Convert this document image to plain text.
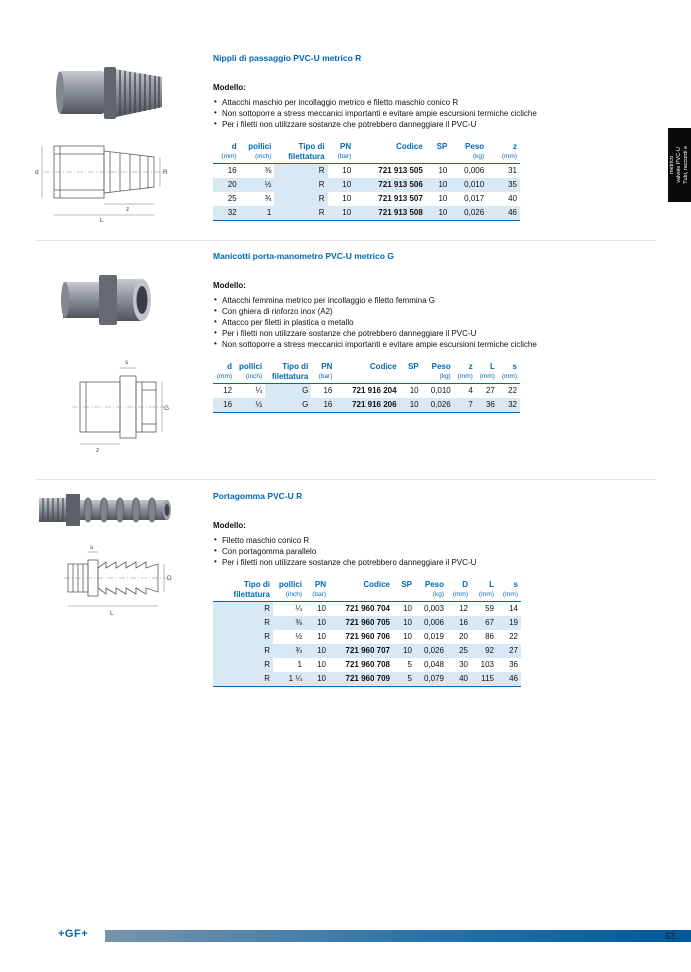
d
z
L
R
Nippli di passaggio PVC-U metrico R

Modello:

• Attacchi maschio per incollaggio metrico e filetto maschio conico R
• Non sottoporre a stress meccanici importanti e evitare ampie escursioni termiche cicliche
• Per i filetti non utilizzare sostanze che potrebbero danneggiare il PVC-U
d	pollici	Tipo di	PN	Codice	SP	Peso	z
(mm)	(inch)	filettatura	(bar)			(kg)	(mm)
16	⅜	R	10	721 913 505	10	0,006	31
20	½	R	10	721 913 506	10	0,010	35
25	¾	R	10	721 913 507	10	0,017	40
32	1	R	10	721 913 508	10	0,026	46
s
G
z
Manicotti porta-manometro PVC-U metrico G

Modello:

• Attacchi femmina metrico per incollaggio e filetto femmina G
• Con ghiera di rinforzo inox (A2)
• Attacco per filetti in plastica o metallo
• Per i filetti non utilizzare sostanze che potrebbero danneggiare il PVC-U
• Non sottoporre a stress meccanici importanti e evitare ampie escursioni termiche cicliche
d	pollici	Tipo di	PN	Codice	SP	Peso	z	L	s
(mm)	(inch)	filettatura	(bar)			(kg)	(mm)	(mm)	(mm)
12	¼	G	16	721 916 204	10	0,010	4	27	22
16	½	G	16	721 916 206	10	0,026	7	36	32
s
L
D
Portagomma PVC-U R

Modello:

• Filetto maschio conico R
• Con portagomma parallelo
• Per i filetti non utilizzare sostanze che potrebbero danneggiare il PVC-U
Tipo di	pollici	PN	Codice	SP	Peso	D	L	s
filettatura	(inch)	(bar)			(kg)	(mm)	(mm)	(mm)
R	¼	10	721 960 704	10	0,003	12	59	14
R	⅜	10	721 960 705	10	0,006	16	67	19
R	½	10	721 960 706	10	0,019	20	86	22
R	¾	10	721 960 707	10	0,026	25	92	27
R	1	10	721 960 708	5	0,048	30	103	36
R	1 ¼	10	721 960 709	5	0,079	40	115	46
Tubi, raccordi e
valvole PVC-U
metrico
+GF+	63
